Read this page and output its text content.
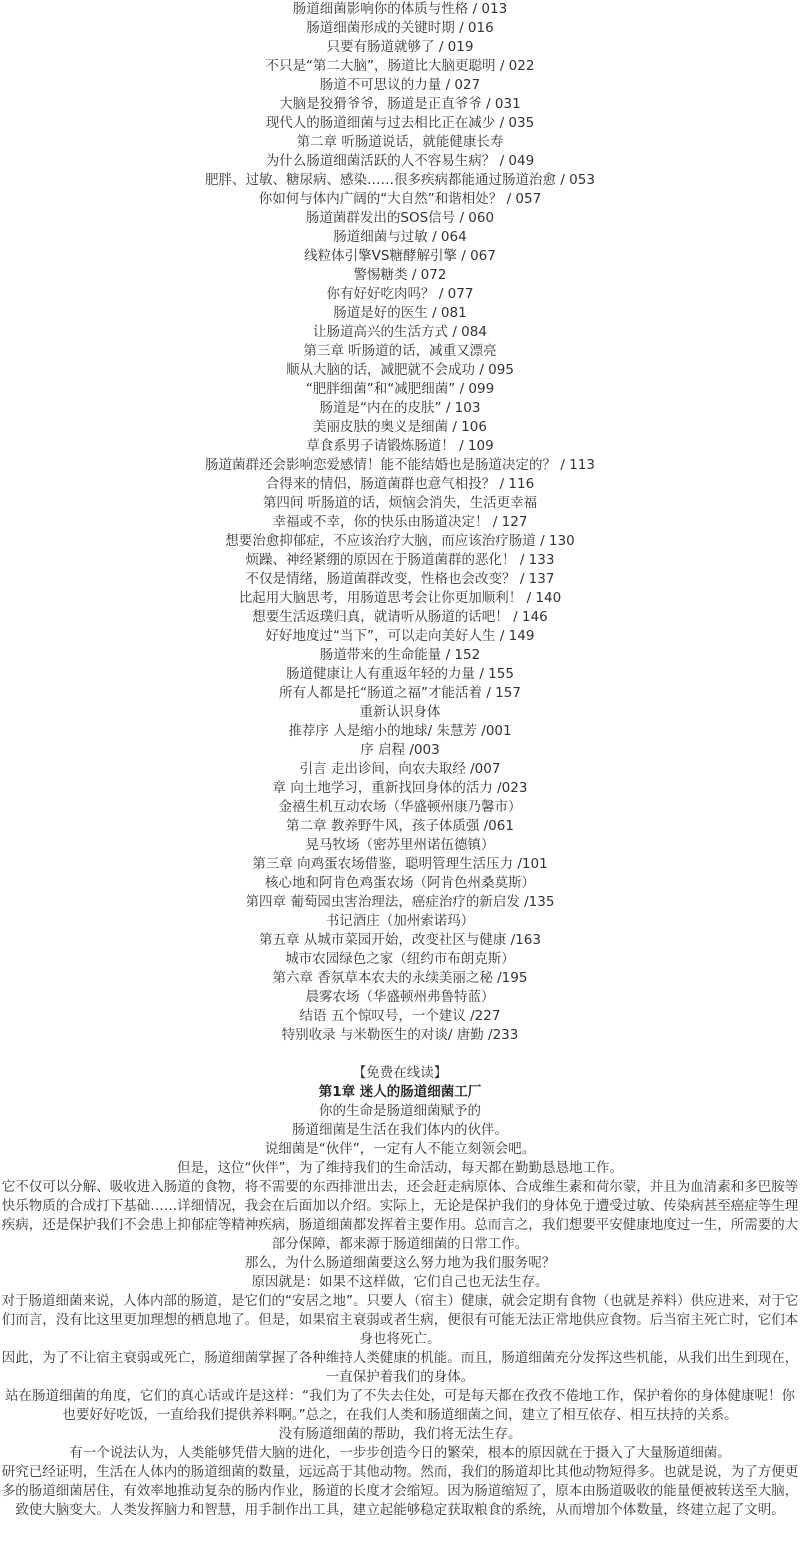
肠道细菌影响你的体质与性格 / 013
肠道细菌形成的关键时期 / 016
只要有肠道就够了 / 019
不只是“第二大脑”，肠道比大脑更聪明 / 022
肠道不可思议的力量 / 027
大脑是狡猾爷爷，肠道是正直爷爷 / 031
现代人的肠道细菌与过去相比正在减少 / 035
第二章 听肠道说话，就能健康长寿
为什么肠道细菌活跃的人不容易生病？ / 049
肥胖、过敏、糖尿病、感染……很多疾病都能通过肠道治愈 / 053
你如何与体内广阔的“大自然”和谐相处？ / 057
肠道菌群发出的SOS信号 / 060
肠道细菌与过敏 / 064
线粒体引擎VS糖酵解引擎 / 067
警惕糖类 / 072
你有好好吃肉吗？ / 077
肠道是好的医生 / 081
让肠道高兴的生活方式 / 084
第三章 听肠道的话，减重又漂亮
顺从大脑的话，减肥就不会成功 / 095
“肥胖细菌”和“减肥细菌” / 099
肠道是“内在的皮肤” / 103
美丽皮肤的奥义是细菌 / 106
草食系男子请锻炼肠道！ / 109
肠道菌群还会影响恋爱感情！能不能结婚也是肠道决定的？ / 113
合得来的情侣，肠道菌群也意气相投？ / 116
第四间 听肠道的话，烦恼会消失，生活更幸福
幸福或不幸，你的快乐由肠道决定！ / 127
想要治愈抑郁症，不应该治疗大脑，而应该治疗肠道 / 130
烦躁、神经紧绷的原因在于肠道菌群的恶化！ / 133
不仅是情绪，肠道菌群改变，性格也会改变？ / 137
比起用大脑思考，用肠道思考会让你更加顺利！ / 140
想要生活返璞归真，就请听从肠道的话吧！ / 146
好好地度过“当下”，可以走向美好人生 / 149
肠道带来的生命能量 / 152
肠道健康让人有重返年轻的力量 / 155
所有人都是托“肠道之福”才能活着 / 157
重新认识身体
推荐序 人是缩小的地球/ 朱慧芳 /001
序 启程 /003
引言 走出诊间，向农夫取经 /007
章 向土地学习，重新找回身体的活力 /023
金禧生机互动农场（华盛顿州康乃馨市）
第二章 教养野牛风，孩子体质强 /061
晃马牧场（密苏里州诺伍德镇）
第三章 向鸡蛋农场借鉴，聪明管理生活压力 /101
核心地和阿肯色鸡蛋农场（阿肯色州桑莫斯）
第四章 葡萄园虫害治理法，癌症治疗的新启发 /135
书记酒庄（加州索诺玛）
第五章 从城市菜园开始，改变社区与健康 /163
城市农园绿色之家（纽约市布朗克斯）
第六章 香氛草本农夫的永续美丽之秘 /195
晨雾农场（华盛顿州弗鲁特蓝）
结语 五个惊叹号，一个建议 /227
特别收录 与米勒医生的对谈/ 唐勤 /233
【免费在线读】
第1章 迷人的肠道细菌工厂
你的生命是肠道细菌赋予的
肠道细菌是生活在我们体内的伙伴。
说细菌是“伙伴”，一定有人不能立刻领会吧。
但是，这位“伙伴”，为了维持我们的生命活动，每天都在勤勤恳恳地工作。
它不仅可以分解、吸收进入肠道的食物，将不需要的东西排泄出去，还会赶走病原体、合成维生素和荷尔蒙，并且为血清素和多巴胺等快乐物质的合成打下基础……详细情况，我会在后面加以介绍。实际上，无论是保护我们的身体免于遭受过敏、传染病甚至癌症等生理疾病，还是保护我们不会患上抑郁症等精神疾病，肠道细菌都发挥着主要作用。总而言之，我们想要平安健康地度过一生，所需要的大部分保障，都来源于肠道细菌的日常工作。
那么，为什么肠道细菌要这么努力地为我们服务呢？
原因就是：如果不这样做，它们自己也无法生存。
对于肠道细菌来说，人体内部的肠道，是它们的“安居之地”。只要人（宿主）健康，就会定期有食物（也就是养料）供应进来，对于它们而言，没有比这里更加理想的栖息地了。但是，如果宿主衰弱或者生病，便很有可能无法正常地供应食物。后当宿主死亡时，它们本身也将死亡。
因此，为了不让宿主衰弱或死亡，肠道细菌掌握了各种维持人类健康的机能。而且，肠道细菌充分发挥这些机能，从我们出生到现在，一直保护着我们的身体。
站在肠道细菌的角度，它们的真心话或许是这样：“我们为了不失去住处，可是每天都在孜孜不倦地工作，保护着你的身体健康呢！你也要好好吃饭，一直给我们提供养料啊。”总之，在我们人类和肠道细菌之间，建立了相互依存、相互扶持的关系。
没有肠道细菌的帮助，我们将无法生存。
有一个说法认为，人类能够凭借大脑的进化，一步步创造今日的繁荣，根本的原因就在于摄入了大量肠道细菌。
研究已经证明，生活在人体内的肠道细菌的数量，远远高于其他动物。然而，我们的肠道却比其他动物短得多。也就是说，为了方便更多的肠道细菌居住，有效率地推动复杂的肠内作业，肠道的长度才会缩短。因为肠道缩短了，原本由肠道吸收的能量便被转送至大脑，致使大脑变大。人类发挥脑力和智慧，用手制作出工具，建立起能够稳定获取粮食的系统，从而增加个体数量，终建立起了文明。
